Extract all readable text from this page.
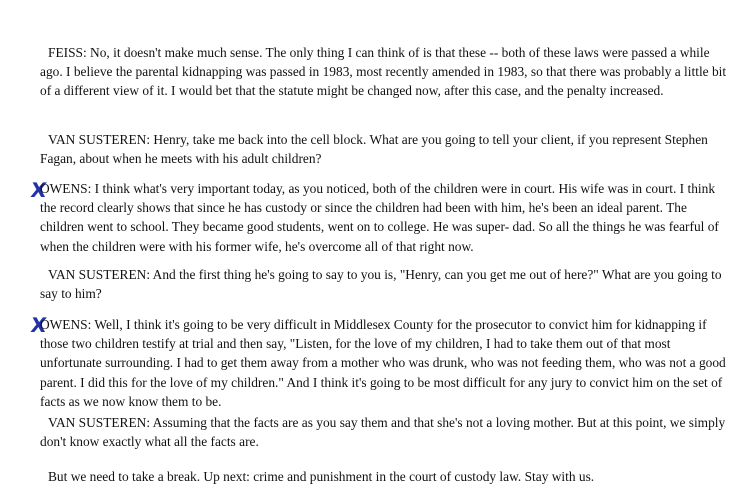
FEISS: No, it doesn't make much sense. The only thing I can think of is that these -- both of these laws were passed a while ago. I believe the parental kidnapping was passed in 1983, most recently amended in 1983, so that there was probably a little bit of a different view of it. I would bet that the statute might be changed now, after this case, and the penalty increased.

VAN SUSTEREN: Henry, take me back into the cell block. What are you going to tell your client, if you represent Stephen Fagan, about when he meets with his adult children?

X

OWENS: I think what's very important today, as you noticed, both of the children were in court. His wife was in court. I think the record clearly shows that since he has custody or since the children had been with him, he's been an ideal parent. The children went to school. They became good students, went on to college. He was super- dad. So all the things he was fearful of when the children were with his former wife, he's overcome all of that right now.

VAN SUSTEREN: And the first thing he's going to say to you is, "Henry, can you get me out of here?" What are you going to say to him?

X

OWENS: Well, I think it's going to be very difficult in Middlesex County for the prosecutor to convict him for kidnapping if those two children testify at trial and then say, "Listen, for the love of my children, I had to take them out of that most unfortunate surrounding. I had to get them away from a mother who was drunk, who was not feeding them, who was not a good parent. I did this for the love of my children." And I think it's going to be most difficult for any jury to convict him on the set of facts as we now know them to be.

VAN SUSTEREN: Assuming that the facts are as you say them and that she's not a loving mother. But at this point, we simply don't know exactly what all the facts are.

But we need to take a break. Up next: crime and punishment in the court of custody law. Stay with us.
